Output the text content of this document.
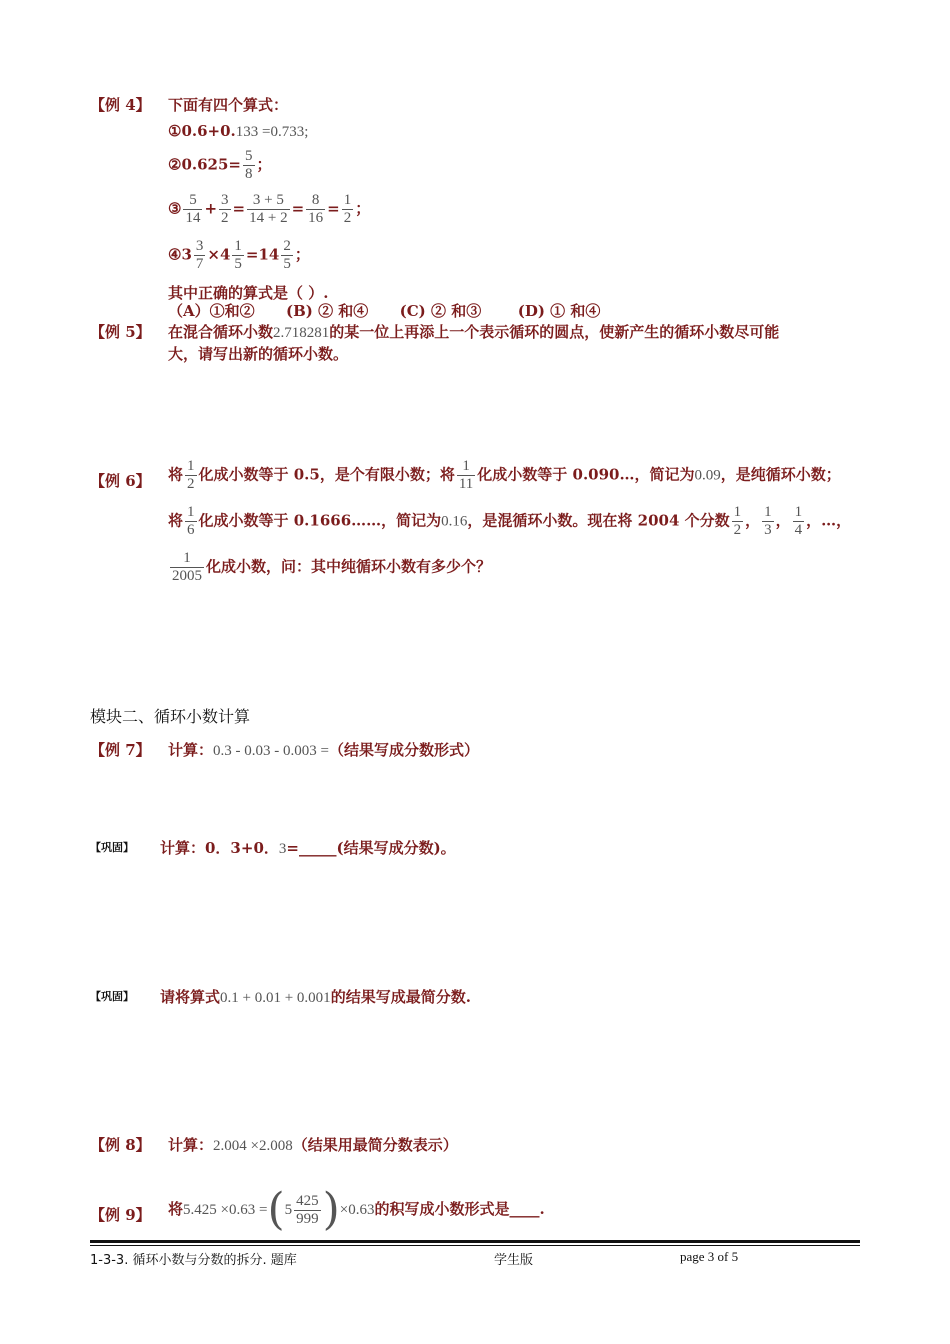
【例 4】 下面有四个算式：
①0.6+0.133 =0.733;
②0.625= $\frac{5}{8}$ ；
③ $\frac{5}{14} + \frac{3}{2} = \frac{3 + 5}{14 + 2} = \frac{8}{16} = \frac{1}{2}$ ；
④3 $\frac{3}{7} \times 4 \frac{1}{5} =14 \frac{2}{5}$ ；
其中正确的算式是（ ）.
（A）①和②      (B) ② 和④      (C) ② 和③       (D) ① 和④
【例 5】 在混合循环小数2.718281的某一位上再添上一个表示循环的圆点，使新产生的循环小数尽可能
大，请写出新的循环小数。
【例 6】 将 $\frac{1}{2}$ 化成小数等于 0.5，是个有限小数；将 $\frac{1}{11}$ 化成小数等于 0.090…，简记为0.09，是纯循环小数；
将 $\frac{1}{6}$ 化成小数等于 0.1666……，简记为0.16，是混循环小数。现在将 2004 个分数 $\frac{1}{2}$ ， $\frac{1}{3}$ ， $\frac{1}{4}$ ，…，
$\frac{1}{2005}$ 化成小数，问：其中纯循环小数有多少个？
模块二、循环小数计算
【例 7】 计算：0.3 - 0.03 - 0.003 =（结果写成分数形式）
【巩固】 计算：0．3+0．3=_____(结果写成分数)。
【巩固】 请将算式0.1 + 0.01 + 0.001的结果写成最简分数.
【例 8】 计算：2.004 ×2.008（结果用最简分数表示）
【例 9】 将$5.425 \times 0.63 =(5 \frac{425}{999} )\times 0.63$的积写成小数形式是____.
1-3-3. 循环小数与分数的拆分. 题库	学生版	page 3 of 5
